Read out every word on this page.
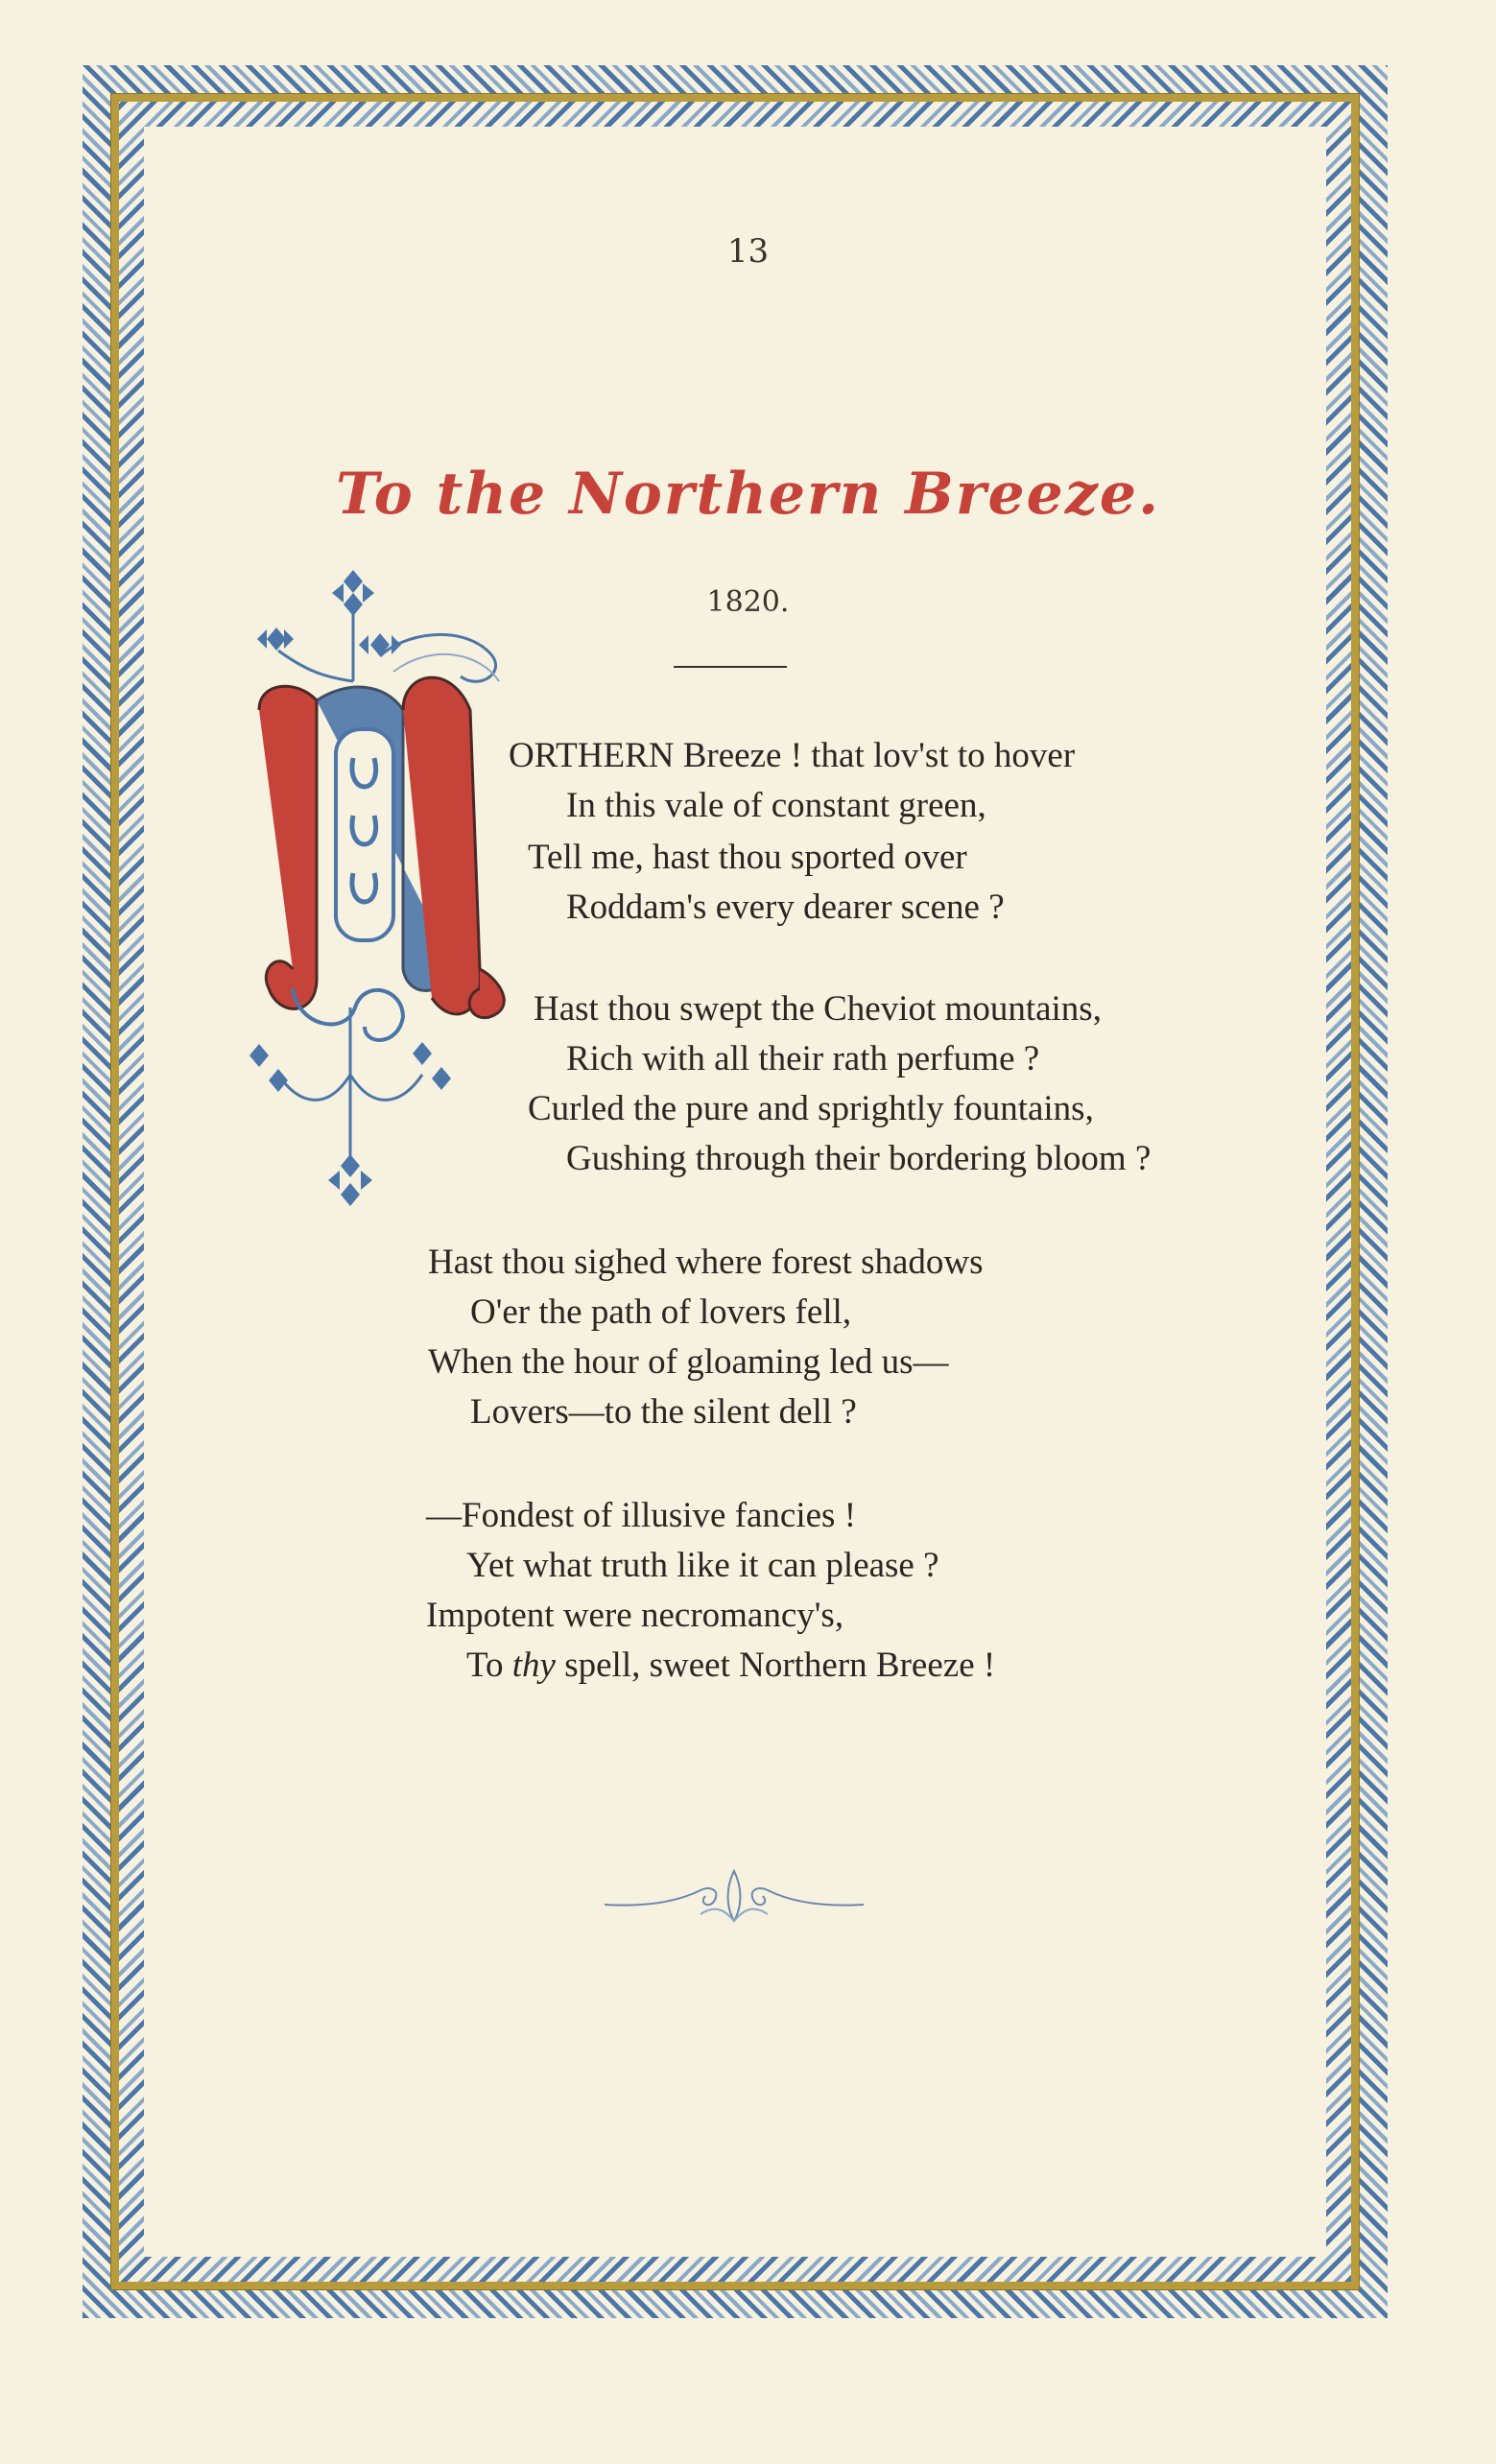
13
To the Northern Breeze.
1820.
ORTHERN Breeze ! that lov'st to hover
In this vale of constant green,
Tell me, hast thou sported over
Roddam's every dearer scene ?
Hast thou swept the Cheviot mountains,
Rich with all their rath perfume ?
Curled the pure and sprightly fountains,
Gushing through their bordering bloom ?
Hast thou sighed where forest shadows
O'er the path of lovers fell,
When the hour of gloaming led us—
Lovers—to the silent dell ?
—Fondest of illusive fancies !
Yet what truth like it can please ?
Impotent were necromancy's,
To thy spell, sweet Northern Breeze !
